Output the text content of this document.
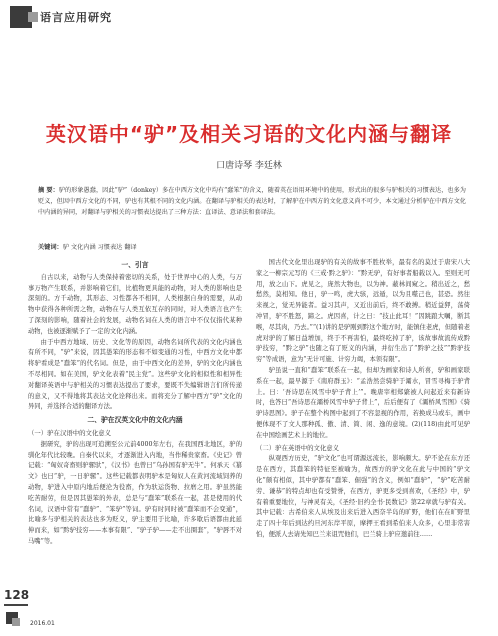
语言应用研究
英汉语中“驴”及相关习语的文化内涵与翻译
口唐诗琴 李廷林
摘 要：驴的形象愚蠢，因此“驴”（donkey）多在中西方文化中均有“蠢笨”的含义，随着英在语用环境中的使用，形式出的很多与驴相关的习惯表达，也多为贬义，但因中西方文化的不同，驴也有其根不同的文化内涵。在翻译与驴相关的表达时，了解驴在中西方的文化意义尚不可少，本文通过分析驴在中西方文化中内涵的异同，对翻译与驴相关的习惯表达提出了三种方法：直译法、意译法和套译法。
关键词：驴 文化内涵 习惯表达 翻译
一、引言

自古以来，动物与人类保持着密切的关系，处于世界中心的人类，与万事万物产生联系，并影响着它们，比植物更具能的动物，对人类的影响也是深刻的。方千动物，其形态、习性都各不相同，人类根据自身的需要，从动物中获得各种所需之物，动物在与人类互依互存的同时，对人类语言也产生了深刻的影响，随着社会的发展，动物名词在人类的语言中不仅仅指代某种动物，也被逐渐赋予了一定的文化内涵。

由于中西方地域、历史、文化等的原因，动物名词所代表的文化内涵也有所不同，“驴”来说，因其愚笨的形态和不如变通的习性，中西方文化中都将驴看成是“蠢笨”的代名词。但是，由于中西文化的差异，驴的文化内涵也不尽相同。如在美国，驴文化表着“民主党”。这些驴文化的相似性和相异性对翻译英语中与驴相关的习惯表达提出了要求，要既不失编辑语言们所传递的意义，又不得地将其表达文化诠释出来。而将充分了解中西方“驴”文化的异同，并选择合适的翻译方法。

二、驴在汉英文化中的文化内涵
（一）驴在汉语中的文化意义

据研究，驴的出现可追溯至公元前4000年左右，在我国西北地区，驴的驯化年代比较晚。自秦代以来，才逐渐进入内地，当作稀贵家畜。《史记》曾记载：“匈奴奇畜则驴骡驮”，《汉书》也曾曰“乌孙国有驴无牛”。何承天《纂文》也曰“驴，一日驴骡”。这些记载都表明驴本是匈奴人在黄河流域饲养的动物，驴进入中原内地后便沦为役畜，作为驮运货物、拉磨之用。驴虽然能吃苦耐劳，但是因其愚笨的外表，总是与“蠢笨”联系在一起，甚是使用的代名词，汉语中常有“蠢驴”、“笨驴”等词。驴有时同时被“蠢笨而不会变通”，比喻多与驴相关的表达也多为贬义，驴主要用于比喻，许多歇后语都由此延伸而来，如“黔驴技穷——本事有限”、“驴子驴——走不出圈套”，“驴唇不对马嘴”等。

国古代文化里出现驴的有关的故事不胜枚举，最有名的莫过于唐宋八大家之一柳宗元写的《三戒·黔之驴》：“黔无驴，有好事者船载以入。至则无可用，放之山下。虎见之，庞然大物也，以为神。蔽林间窥之。稍出近之，愁愁然，莫相知。他日，驴一鸣，虎大骇，远遁，以为且噬己也，甚恐。然往来视之，觉无异能者。益习其声，又近出前后，终不敢搏。稍近益狎，荡倚冲冒，驴不胜怒，蹄之。虎因喜，计之曰：“技止此耳！”因跳踉大㘎，断其喉，尽其肉，乃去。”“(1)讲的是驴刚到黔这个地方时，能镇住老虎，但随着老虎对驴的了解日益增加，终于不再害怕，最终吃掉了驴，该故事故流传成黔驴技穷，“黔之驴”也随之有了贬义的内涵，并衍生出了“黔驴之技”“黔驴技穷”等成语，意为“无计可施、计穷力竭，本领有限”。

驴虽说一直和“蠢笨”联系在一起，但却为画家和诗人所喜，驴和画家联系在一起，最早源于《南府群玉》：“孟浩然尝骑驴于灞水，冒雪寻梅于驴背上。曰：‘吾诗思在风雪中驴子背上’”。晚唐宰相郑綮被人问起近来有新诗时，也答曰“吾诗思在灞桥风雪中驴子背上”，后后便有了《灞桥风雪图》《骑驴诗思图》。驴子在整个构图中起到了不容忽视的作用，若换成马或车，画中便体现不了文人那种孤、傲、清、简、闲、逸的意境。(2)(118)由此可见驴在中国绘画艺术上的地位。

（二）驴在英语中的文化意义

纵观西方历史，“驴文化”也可谓源远流长，影响颇大。驴不论在东方还是在西方，其蠢笨的特征至被喻为，故西方的驴文化在此与中国的“驴文化”颇有相似，其中驴都有“蠢笨、倔强”的含义，例如“蠢驴”，“驴”吃苦耐劳、谦恭”的特点却也有受赞誉，在西方，驴更多受到喜欢，《圣经》中，驴有着重要地位，与神灵有关，《圣经·旧约全书·民数记》第22章就与驴有关。其中记载：古希伯来人从埃及出来后进入西奈半岛的旷野，他们在在旷野里走了四十年后到达约旦河东岸平原，摩押王看到希伯来人众多，心里非常害怕，便派人去请先知巴兰来诅咒他们，巴兰骑上驴应邀前往……

128
2016.01
